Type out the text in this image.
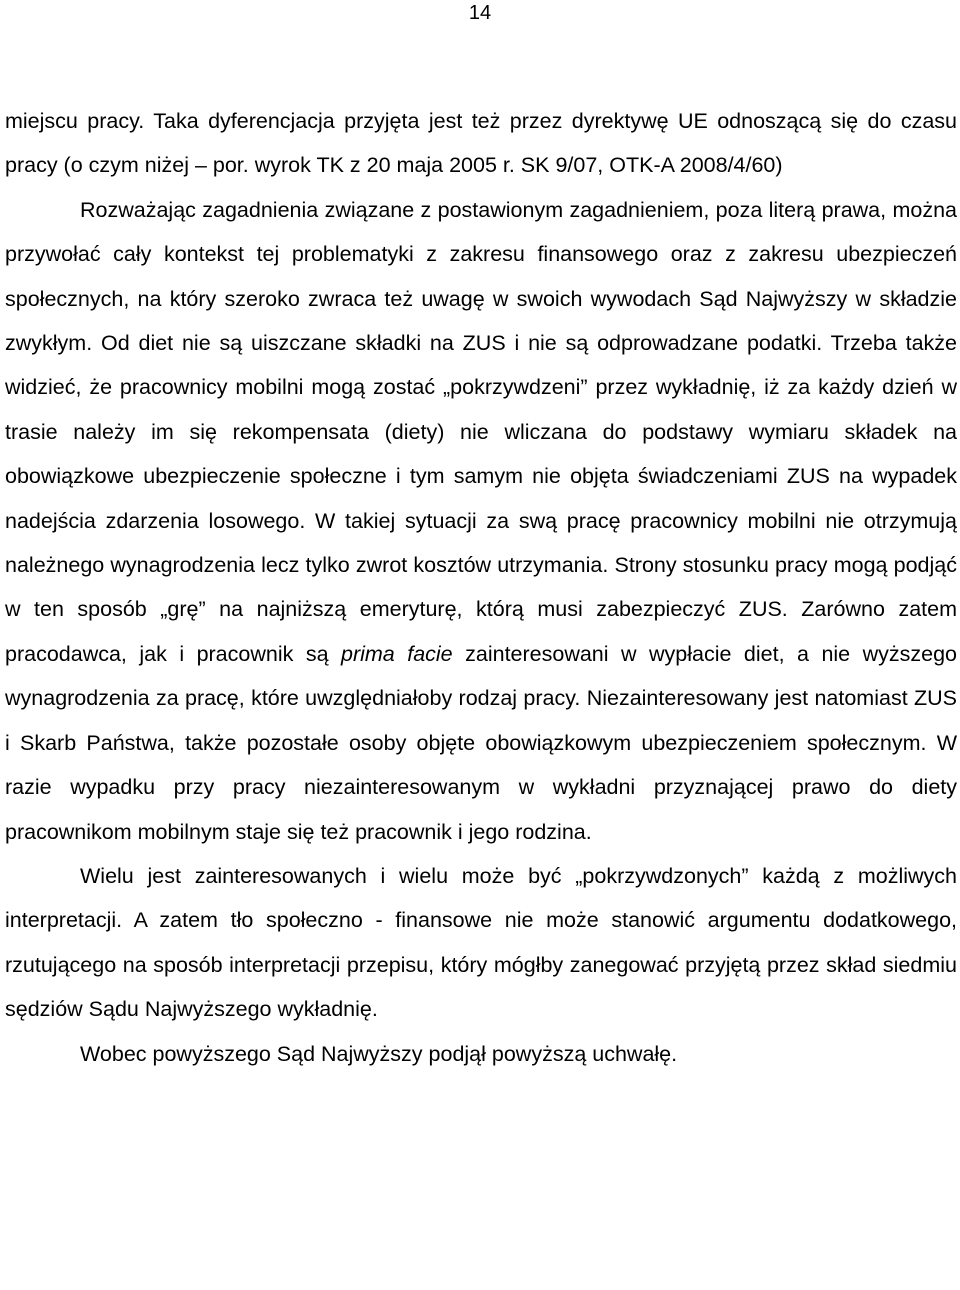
14

miejscu pracy. Taka dyferencjacja przyjęta jest też przez dyrektywę UE odnoszącą się do czasu pracy (o czym niżej – por. wyrok TK z 20 maja 2005 r. SK 9/07, OTK-A 2008/4/60)

Rozważając zagadnienia związane z postawionym zagadnieniem, poza literą prawa, można przywołać cały kontekst tej problematyki z zakresu finansowego oraz z zakresu ubezpieczeń społecznych, na który szeroko zwraca też uwagę w swoich wywodach Sąd Najwyższy w składzie zwykłym. Od diet nie są uiszczane składki na ZUS i nie są odprowadzane podatki. Trzeba także widzieć, że pracownicy mobilni mogą zostać „pokrzywdzeni” przez wykładnię, iż za każdy dzień w trasie należy im się rekompensata (diety) nie wliczana do podstawy wymiaru składek na obowiązkowe ubezpieczenie społeczne i tym samym nie objęta świadczeniami ZUS na wypadek nadejścia zdarzenia losowego. W takiej sytuacji za swą pracę pracownicy mobilni nie otrzymują należnego wynagrodzenia lecz tylko zwrot kosztów utrzymania. Strony stosunku pracy mogą podjąć w ten sposób „grę” na najniższą emeryturę, którą musi zabezpieczyć ZUS. Zarówno zatem pracodawca, jak i pracownik są prima facie zainteresowani w wypłacie diet, a nie wyższego wynagrodzenia za pracę, które uwzględniałoby rodzaj pracy. Niezainteresowany jest natomiast ZUS i Skarb Państwa, także pozostałe osoby objęte obowiązkowym ubezpieczeniem społecznym. W razie wypadku przy pracy niezainteresowanym w wykładni przyznającej prawo do diety pracownikom mobilnym staje się też pracownik i jego rodzina.

Wielu jest zainteresowanych i wielu może być „pokrzywdzonych” każdą z możliwych interpretacji. A zatem tło społeczno - finansowe nie może stanowić argumentu dodatkowego, rzutującego na sposób interpretacji przepisu, który mógłby zanegować przyjętą przez skład siedmiu sędziów Sądu Najwyższego wykładnię.

Wobec powyższego Sąd Najwyższy podjął powyższą uchwałę.
